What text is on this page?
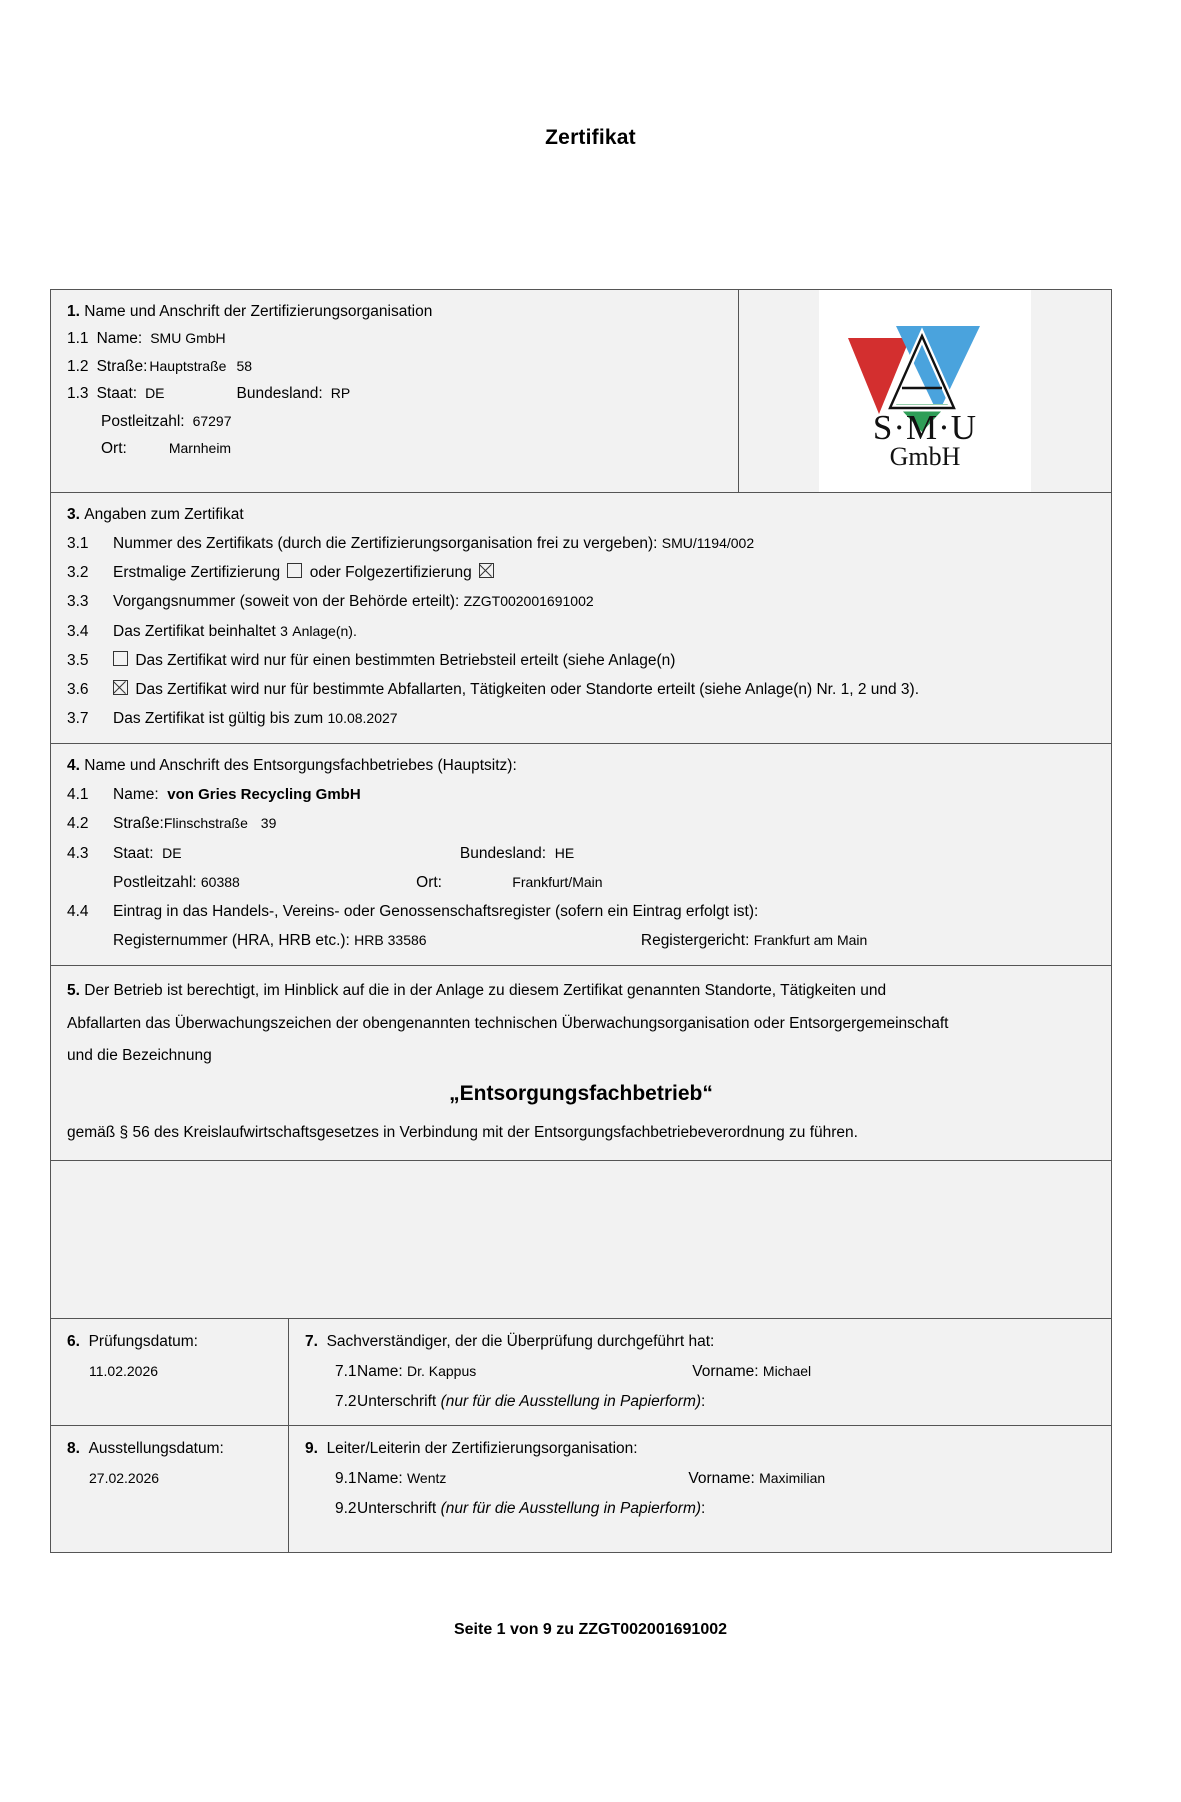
Zertifikat
1. Name und Anschrift der Zertifizierungsorganisation
1.1 Name: SMU GmbH
1.2 Straße: Hauptstraße 58
1.3 Staat: DE	Bundesland: RP
Postleitzahl: 67297
Ort:	Marnheim
S·M·U
GmbH
3. Angaben zum Zertifikat
3.1	Nummer des Zertifikats (durch die Zertifizierungsorganisation frei zu vergeben): SMU/1194/002
3.2	Erstmalige Zertifizierung oder Folgezertifizierung
3.3	Vorgangsnummer (soweit von der Behörde erteilt): ZZGT002001691002
3.4	Das Zertifikat beinhaltet 3 Anlage(n).
3.5	Das Zertifikat wird nur für einen bestimmten Betriebsteil erteilt (siehe Anlage(n)
3.6	Das Zertifikat wird nur für bestimmte Abfallarten, Tätigkeiten oder Standorte erteilt (siehe Anlage(n) Nr. 1, 2 und 3).
3.7	Das Zertifikat ist gültig bis zum 10.08.2027
4. Name und Anschrift des Entsorgungsfachbetriebes (Hauptsitz):
4.1	Name: von Gries Recycling GmbH
4.2	Straße:Flinschstraße 39
4.3	Staat: DE	Bundesland: HE
Postleitzahl: 60388	Ort:	Frankfurt/Main
4.4	Eintrag in das Handels-, Vereins- oder Genossenschaftsregister (sofern ein Eintrag erfolgt ist):
Registernummer (HRA, HRB etc.): HRB 33586	Registergericht: Frankfurt am Main

5. Der Betrieb ist berechtigt, im Hinblick auf die in der Anlage zu diesem Zertifikat genannten Standorte, Tätigkeiten und

Abfallarten das Überwachungszeichen der obengenannten technischen Überwachungsorganisation oder Entsorgergemeinschaft

und die Bezeichnung

„Entsorgungsfachbetrieb“

gemäß § 56 des Kreislaufwirtschaftsgesetzes in Verbindung mit der Entsorgungsfachbetriebeverordnung zu führen.

6. Prüfungsdatum:
11.02.2026
7. Sachverständiger, der die Überprüfung durchgeführt hat:
7.1 Name:
Dr. Kappus	Vorname:
Michael
7.2 Unterschrift
(nur für die Ausstellung in Papierform) :
8. Ausstellungsdatum:
27.02.2026
9. Leiter/Leiterin der Zertifizierungsorganisation:
9.1 Name:
Wentz	Vorname:
Maximilian
9.2 Unterschrift
(nur für die Ausstellung in Papierform) :
Seite 1 von 9 zu ZZGT002001691002
